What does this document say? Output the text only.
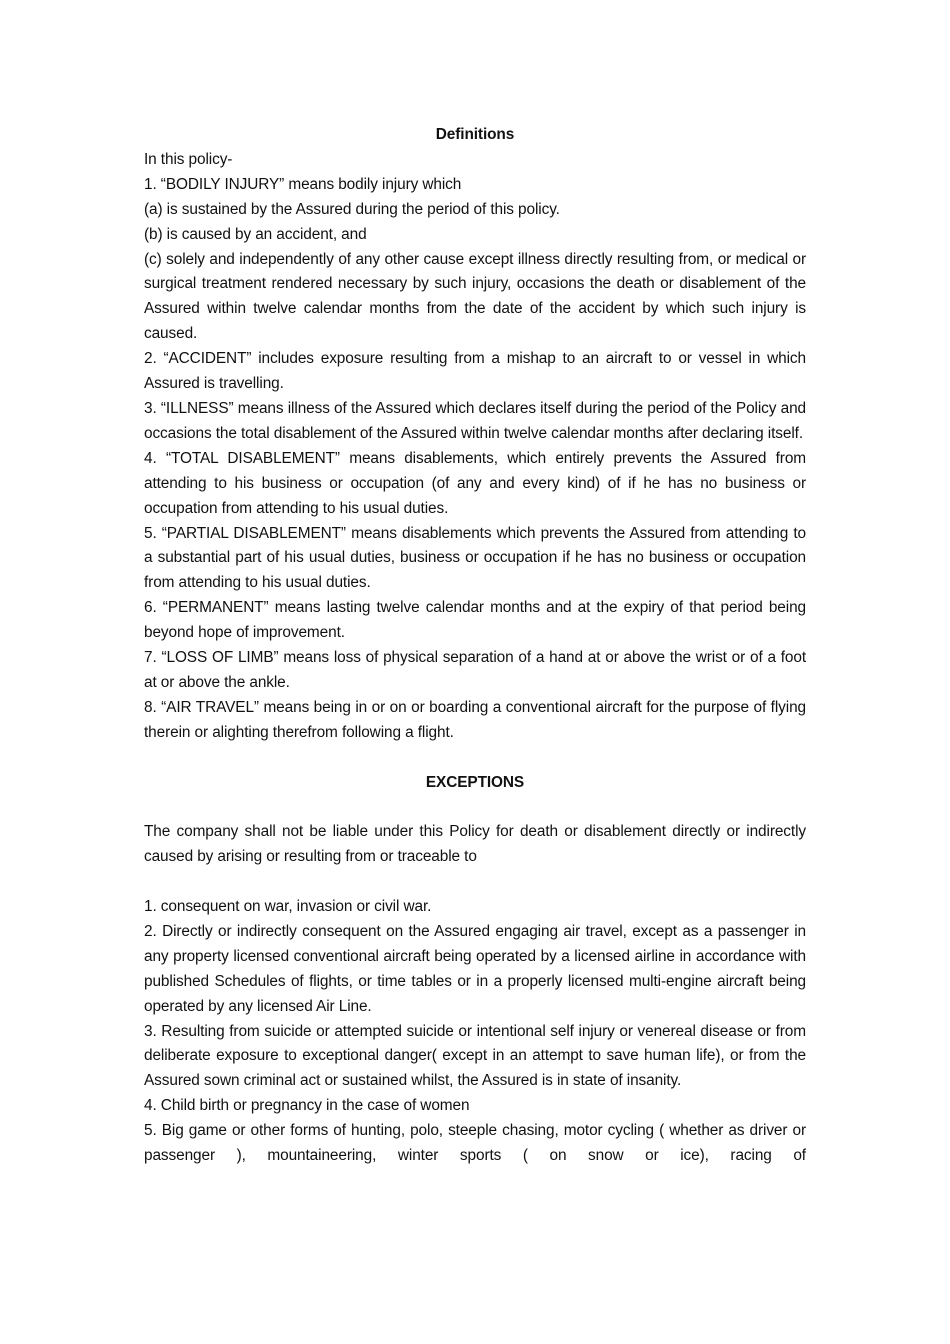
Definitions
In this policy-
1. “BODILY INJURY” means bodily injury which
(a) is sustained by the Assured during the period of this policy.
(b) is caused by an accident, and
(c) solely and independently of any other cause except illness directly resulting from, or medical or surgical treatment rendered necessary by such injury, occasions the death or disablement of the Assured within twelve calendar months from the date of the accident by which such injury is caused.
2. “ACCIDENT” includes exposure resulting from a mishap to an aircraft to or vessel in which Assured is travelling.
3. “ILLNESS” means illness of the Assured which declares itself during the period of the Policy and occasions the total disablement of the Assured within twelve calendar months after declaring itself.
4. “TOTAL DISABLEMENT” means disablements, which entirely prevents the Assured from attending to his business or occupation (of any and every kind) of if he has no business or occupation from attending to his usual duties.
5. “PARTIAL DISABLEMENT” means disablements which prevents the Assured from attending to a substantial part of his usual duties, business or occupation if he has no business or occupation from attending to his usual duties.
6. “PERMANENT” means lasting twelve calendar months and at the expiry of that period being beyond hope of improvement.
7. “LOSS OF LIMB” means loss of physical separation of a hand at or above the wrist or of a foot at or above the ankle.
8. “AIR TRAVEL” means being in or on or boarding a conventional aircraft for the purpose of flying therein or alighting therefrom following a flight.
EXCEPTIONS
The company shall not be liable under this Policy for death or disablement directly or indirectly caused by arising or resulting from or traceable to
1. consequent on war, invasion or civil war.
2. Directly or indirectly consequent on the Assured engaging air travel, except as a passenger in any property licensed conventional aircraft being operated by a licensed airline in accordance with published Schedules of flights, or time tables or in a properly licensed multi-engine aircraft being operated by any licensed Air Line.
3. Resulting from suicide or attempted suicide or intentional self injury or venereal disease or from deliberate exposure to exceptional danger( except in an attempt to save human life), or from the Assured sown criminal act or sustained whilst, the Assured is in state of insanity.
4. Child birth or pregnancy in the case of women
5. Big game or other forms of hunting, polo, steeple chasing, motor cycling ( whether as driver or passenger ), mountaineering, winter sports ( on snow or ice), racing of
